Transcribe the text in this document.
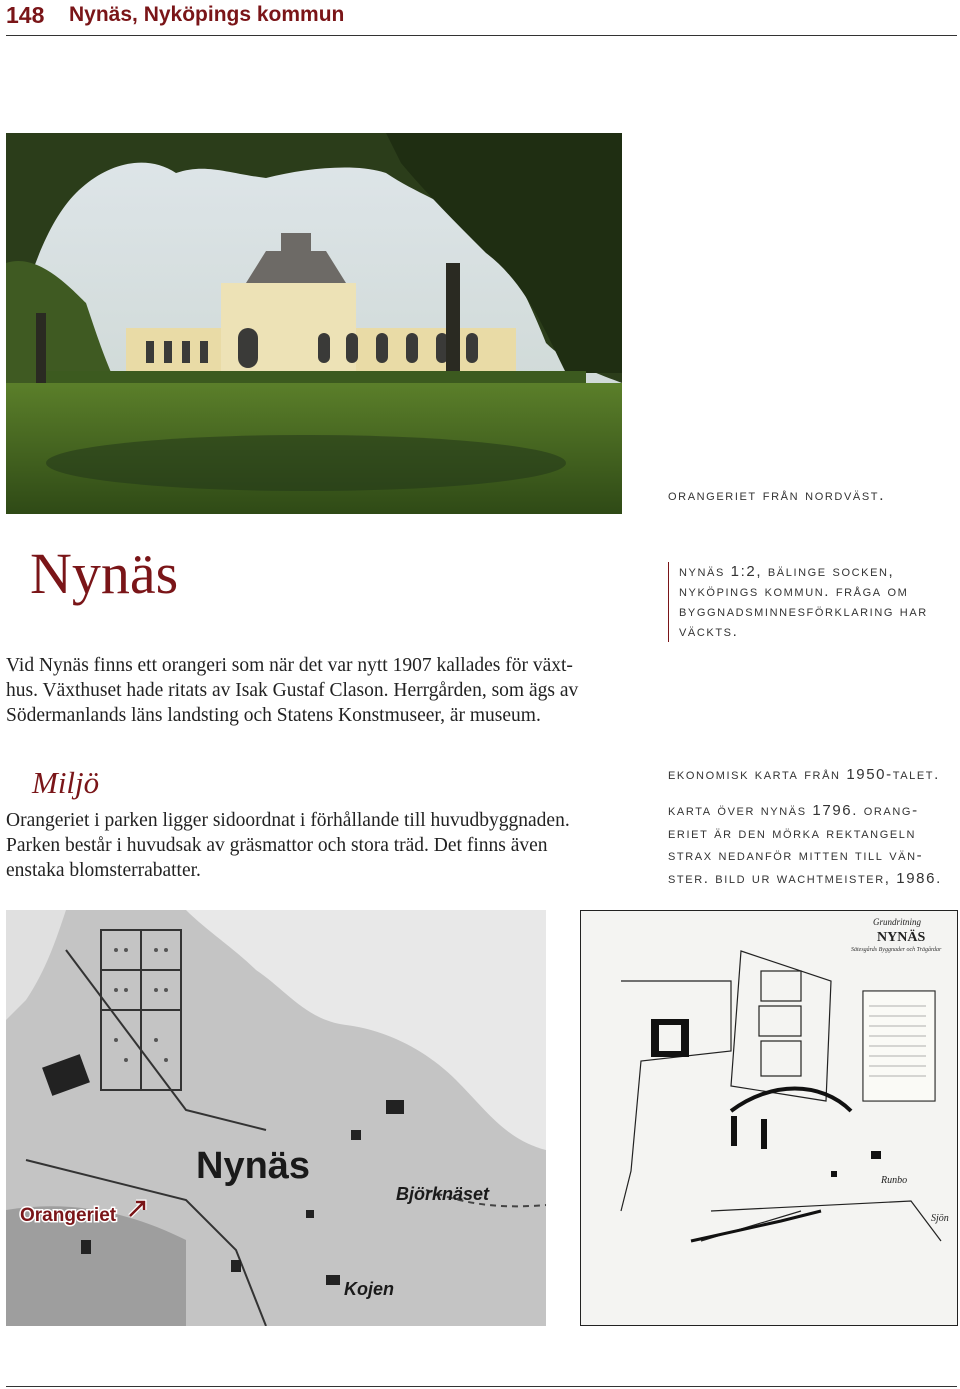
148 Nynäs, Nyköpings kommun
orangeriet från nordväst.
nynäs 1:2, bälinge socken,
nyköpings kommun. fråga om
byggnadsminnesförklaring har
väckts.
Nynäs
Vid Nynäs finns ett orangeri som när det var nytt 1907 kallades för växt-
hus. Växthuset hade ritats av Isak Gustaf Clason. Herrgården, som ägs av
Södermanlands läns landsting och Statens Konstmuseer, är museum.
Miljö
Orangeriet i parken ligger sidoordnat i förhållande till huvudbyggnaden.
Parken består i huvudsak av gräsmattor och stora träd. Det finns även
enstaka blomsterrabatter.
ekonomisk karta från 1950-talet.
karta över nynäs 1796. orang-
eriet är den mörka rektangeln
strax nedanför mitten till vän-
ster. bild ur wachtmeister, 1986.
Nynäs
Björknäset
Kojen
Orangeriet
Grundritning
NYNÄS
Sätesgårds Byggnader och Trägårdar
Runbo
Sjön
